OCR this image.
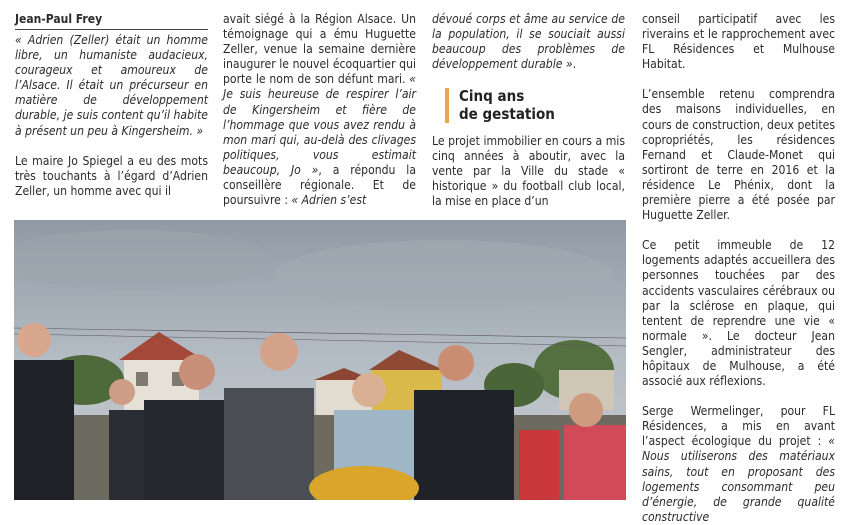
Jean-Paul Frey

« Adrien (Zeller) était un homme libre, un humaniste audacieux, courageux et amoureux de l’Alsace. Il était un précurseur en matière de développement durable, je suis content qu’il habite à présent un peu à Kingersheim. »

Le maire Jo Spiegel a eu des mots très touchants à l’égard d’Adrien Zeller, un homme avec qui il

avait siégé à la Région Alsace. Un témoignage qui a ému Huguette Zeller, venue la semaine dernière inaugurer le nouvel écoquartier qui porte le nom de son défunt mari. « Je suis heureuse de respirer l’air de Kingersheim et fière de l’hommage que vous avez rendu à mon mari qui, au-delà des clivages politiques, vous estimait beaucoup, Jo », a répondu la conseillère régionale. Et de poursuivre : « Adrien s’est

dévoué corps et âme au service de la population, il se souciait aussi beaucoup des problèmes de développement durable ».

Cinq ans
de gestation

Le projet immobilier en cours a mis cinq années à aboutir, avec la vente par la Ville du stade « historique » du football club local, la mise en place d’un

conseil participatif avec les riverains et le rapprochement avec FL Résidences et Mulhouse Habitat.

L’ensemble retenu comprendra des maisons individuelles, en cours de construction, deux petites copropriétés, les résidences Fernand et Claude-Monet qui sortiront de terre en 2016 et la résidence Le Phénix, dont la première pierre a été posée par Huguette Zeller.

Ce petit immeuble de 12 logements adaptés accueillera des personnes touchées par des accidents vasculaires cérébraux ou par la sclérose en plaque, qui tentent de reprendre une vie « normale ». Le docteur Jean Sengler, administrateur des hôpitaux de Mulhouse, a été associé aux réflexions.

Serge Wermelinger, pour FL Résidences, a mis en avant l’aspect écologique du projet : « Nous utiliserons des matériaux sains, tout en proposant des logements consommant peu d’énergie, de grande qualité constructive
